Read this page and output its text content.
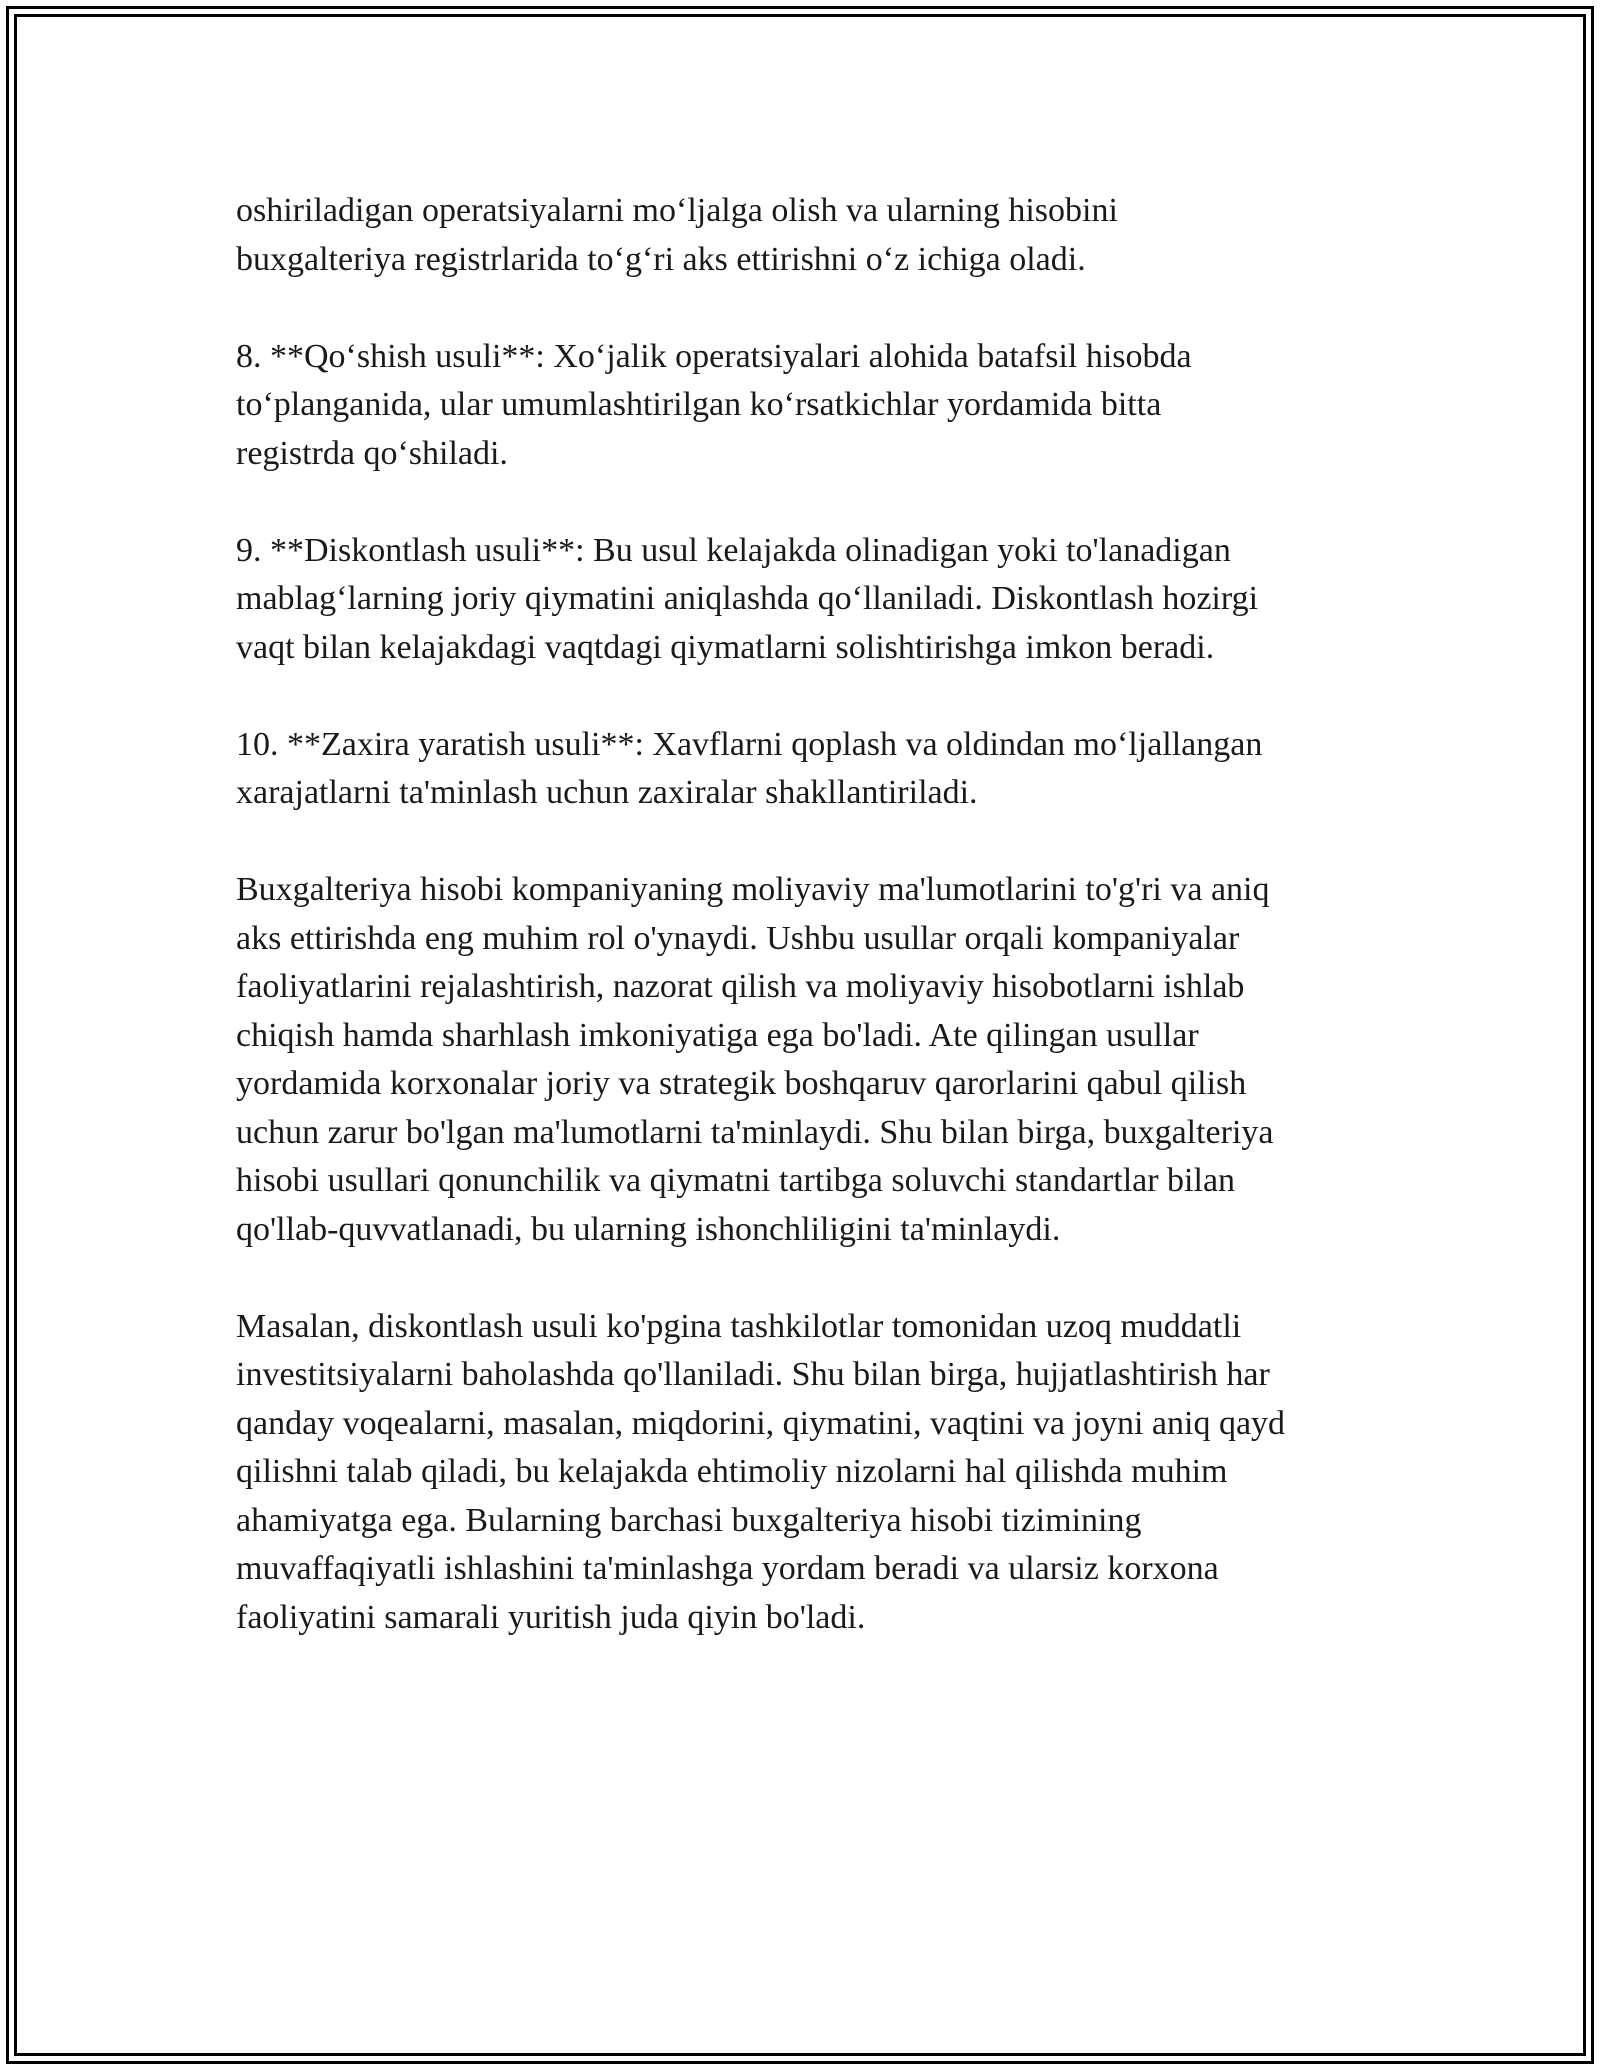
oshiriladigan operatsiyalarni mo‘ljalga olish va ularning hisobini
buxgalteriya registrlarida to‘g‘ri aks ettirishni o‘z ichiga oladi.

8. **Qo‘shish usuli**: Xo‘jalik operatsiyalari alohida batafsil hisobda
to‘planganida, ular umumlashtirilgan ko‘rsatkichlar yordamida bitta
registrda qo‘shiladi.

9. **Diskontlash usuli**: Bu usul kelajakda olinadigan yoki to'lanadigan
mablag‘larning joriy qiymatini aniqlashda qo‘llaniladi. Diskontlash hozirgi
vaqt bilan kelajakdagi vaqtdagi qiymatlarni solishtirishga imkon beradi.

10. **Zaxira yaratish usuli**: Xavflarni qoplash va oldindan mo‘ljallangan
xarajatlarni ta'minlash uchun zaxiralar shakllantiriladi.

Buxgalteriya hisobi kompaniyaning moliyaviy ma'lumotlarini to'g'ri va aniq
aks ettirishda eng muhim rol o'ynaydi. Ushbu usullar orqali kompaniyalar
faoliyatlarini rejalashtirish, nazorat qilish va moliyaviy hisobotlarni ishlab
chiqish hamda sharhlash imkoniyatiga ega bo'ladi. Ate qilingan usullar
yordamida korxonalar joriy va strategik boshqaruv qarorlarini qabul qilish
uchun zarur bo'lgan ma'lumotlarni ta'minlaydi. Shu bilan birga, buxgalteriya
hisobi usullari qonunchilik va qiymatni tartibga soluvchi standartlar bilan
qo'llab-quvvatlanadi, bu ularning ishonchliligini ta'minlaydi.

Masalan, diskontlash usuli ko'pgina tashkilotlar tomonidan uzoq muddatli
investitsiyalarni baholashda qo'llaniladi. Shu bilan birga, hujjatlashtirish har
qanday voqealarni, masalan, miqdorini, qiymatini, vaqtini va joyni aniq qayd
qilishni talab qiladi, bu kelajakda ehtimoliy nizolarni hal qilishda muhim
ahamiyatga ega. Bularning barchasi buxgalteriya hisobi tizimining
muvaffaqiyatli ishlashini ta'minlashga yordam beradi va ularsiz korxona
faoliyatini samarali yuritish juda qiyin bo'ladi.
